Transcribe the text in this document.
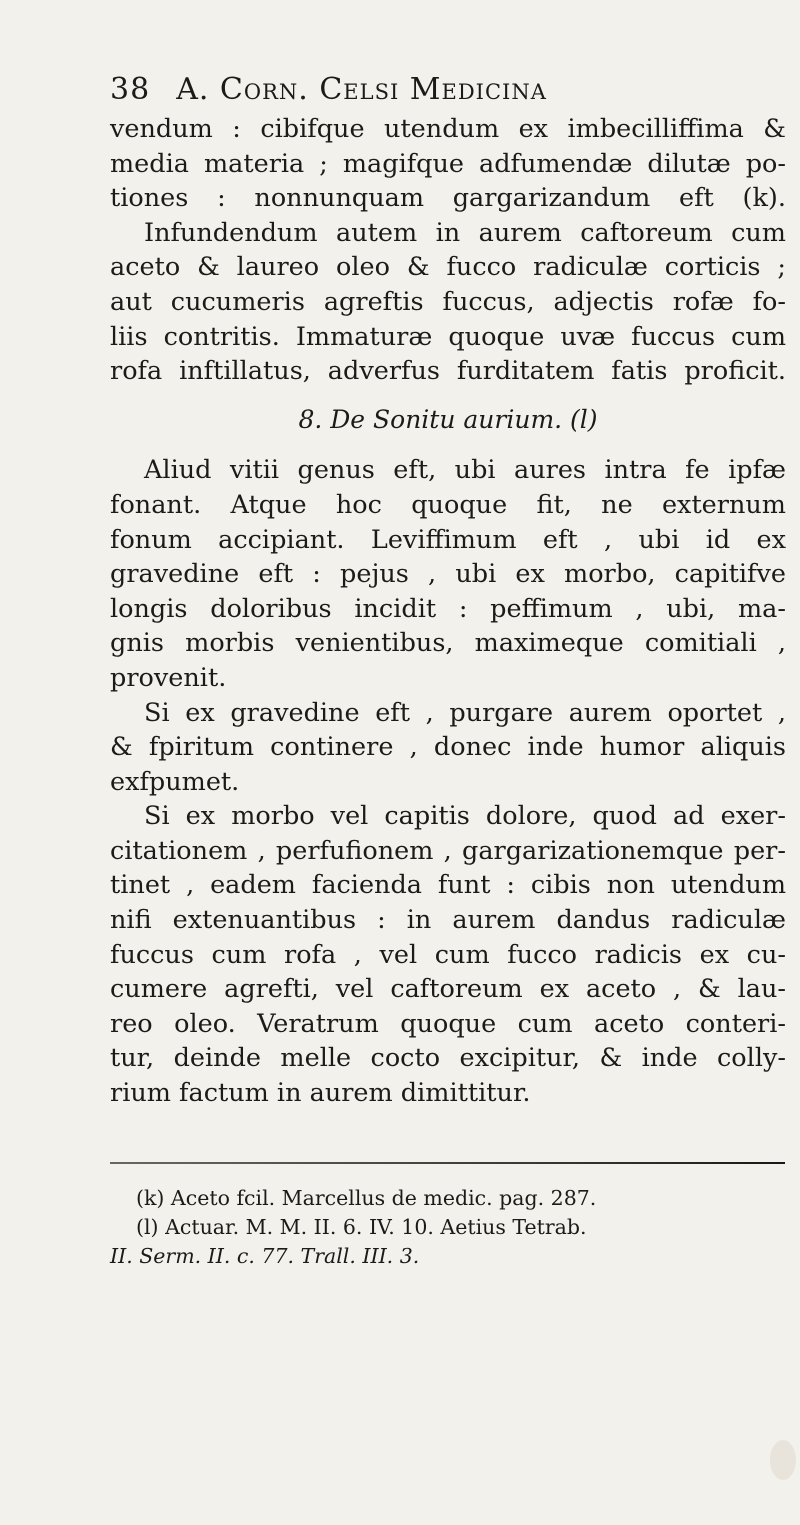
38 A. Corn. Celsi Medicina
vendum : cibifque utendum ex imbecilliffima &
media materia ; magifque adfumendæ dilutæ po-
tiones : nonnunquam gargarizandum eft (k).
Infundendum autem in aurem caftoreum cum
aceto & laureo oleo & fucco radiculæ corticis ;
aut cucumeris agreftis fuccus, adjectis rofæ fo-
liis contritis. Immaturæ quoque uvæ fuccus cum
rofa inftillatus, adverfus furditatem fatis proficit.
8. De Sonitu aurium. (l)
Aliud vitii genus eft, ubi aures intra fe ipfæ
fonant. Atque hoc quoque fit, ne externum
fonum accipiant. Leviffimum eft , ubi id ex
gravedine eft : pejus , ubi ex morbo, capitifve
longis doloribus incidit : peffimum , ubi, ma-
gnis morbis venientibus, maximeque comitiali ,
provenit.
Si ex gravedine eft , purgare aurem oportet ,
& fpiritum continere , donec inde humor aliquis
exfpumet.
Si ex morbo vel capitis dolore, quod ad exer-
citationem , perfufionem , gargarizationemque per-
tinet , eadem facienda funt : cibis non utendum
nifi extenuantibus : in aurem dandus radiculæ
fuccus cum rofa , vel cum fucco radicis ex cu-
cumere agrefti, vel caftoreum ex aceto , & lau-
reo oleo. Veratrum quoque cum aceto conteri-
tur, deinde melle cocto excipitur, & inde colly-
rium factum in aurem dimittitur.
(k) Aceto fcil. Marcellus de medic. pag. 287.
(l) Actuar. M. M. II. 6. IV. 10. Aetius Tetrab.
II. Serm. II. c. 77. Trall. III. 3.
